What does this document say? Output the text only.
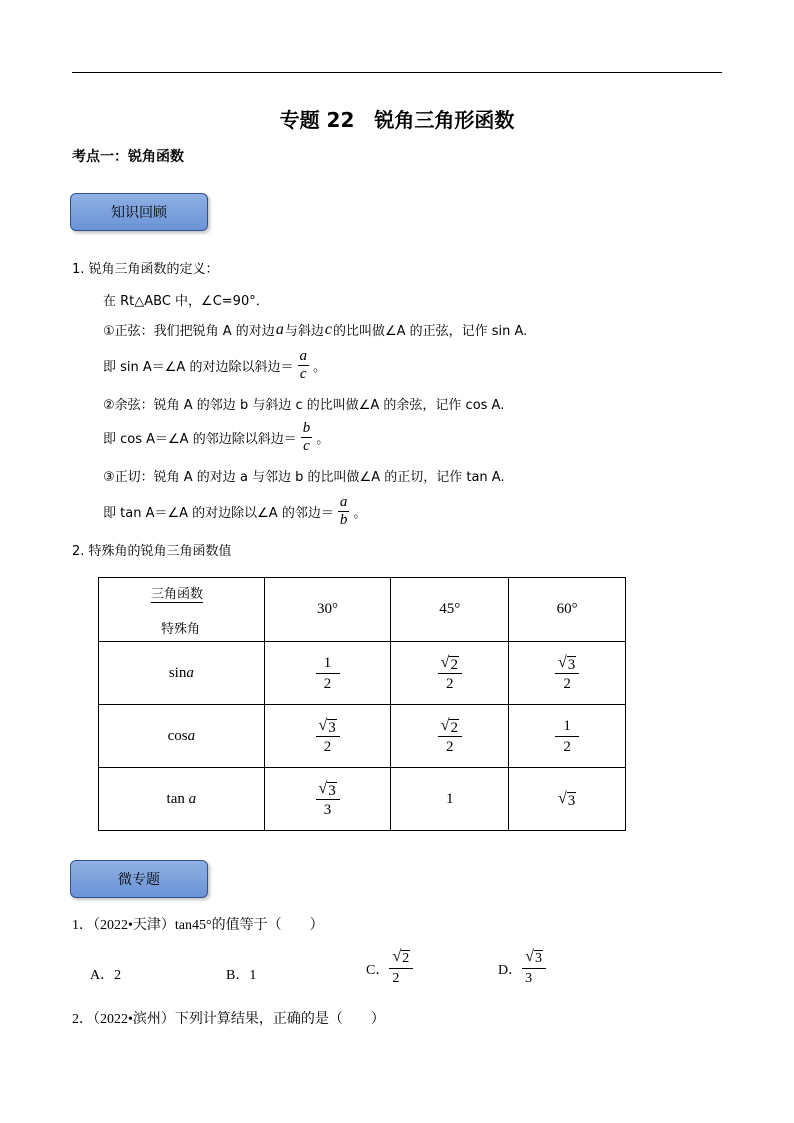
专题 22　锐角三角形函数
考点一：锐角函数
知识回顾
1. 锐角三角函数的定义：
在 Rt△ABC 中，∠C=90°．
①正弦：我们把锐角 A 的对边 a 与斜边 c 的比叫做∠A 的正弦，记作 sin A.
即 sin A＝∠A 的对边除以斜边＝ $\frac{a}{c}$ 。
②余弦：锐角 A 的邻边 b 与斜边 c 的比叫做∠A 的余弦，记作 cos A.
即 cos A＝∠A 的邻边除以斜边＝ $\frac{b}{c}$ 。
③正切：锐角 A 的对边 a 与邻边 b 的比叫做∠A 的正切，记作 tan A.
即 tan A＝∠A 的对边除以∠A 的邻边＝ $\frac{a}{b}$ 。
2. 特殊角的锐角三角函数值
三角函数
特殊角	30°	45°	60°
sina	$\frac{1}{2}$	$\frac{√ 2}{2}$	$\frac{√ 3}{2}$

cosa	$\frac{√ 3}{2}$	$\frac{√ 2}{2}$	$\frac{1}{2}$

tan a	$\frac{√ 3}{3}$	1	√ 3
微专题
1．（2022•天津）tan45°的值等于（　　）
A．2	B．1	C．
√ 2
2
D．
√ 3
3
2．（2022•滨州）下列计算结果，正确的是（　　）
